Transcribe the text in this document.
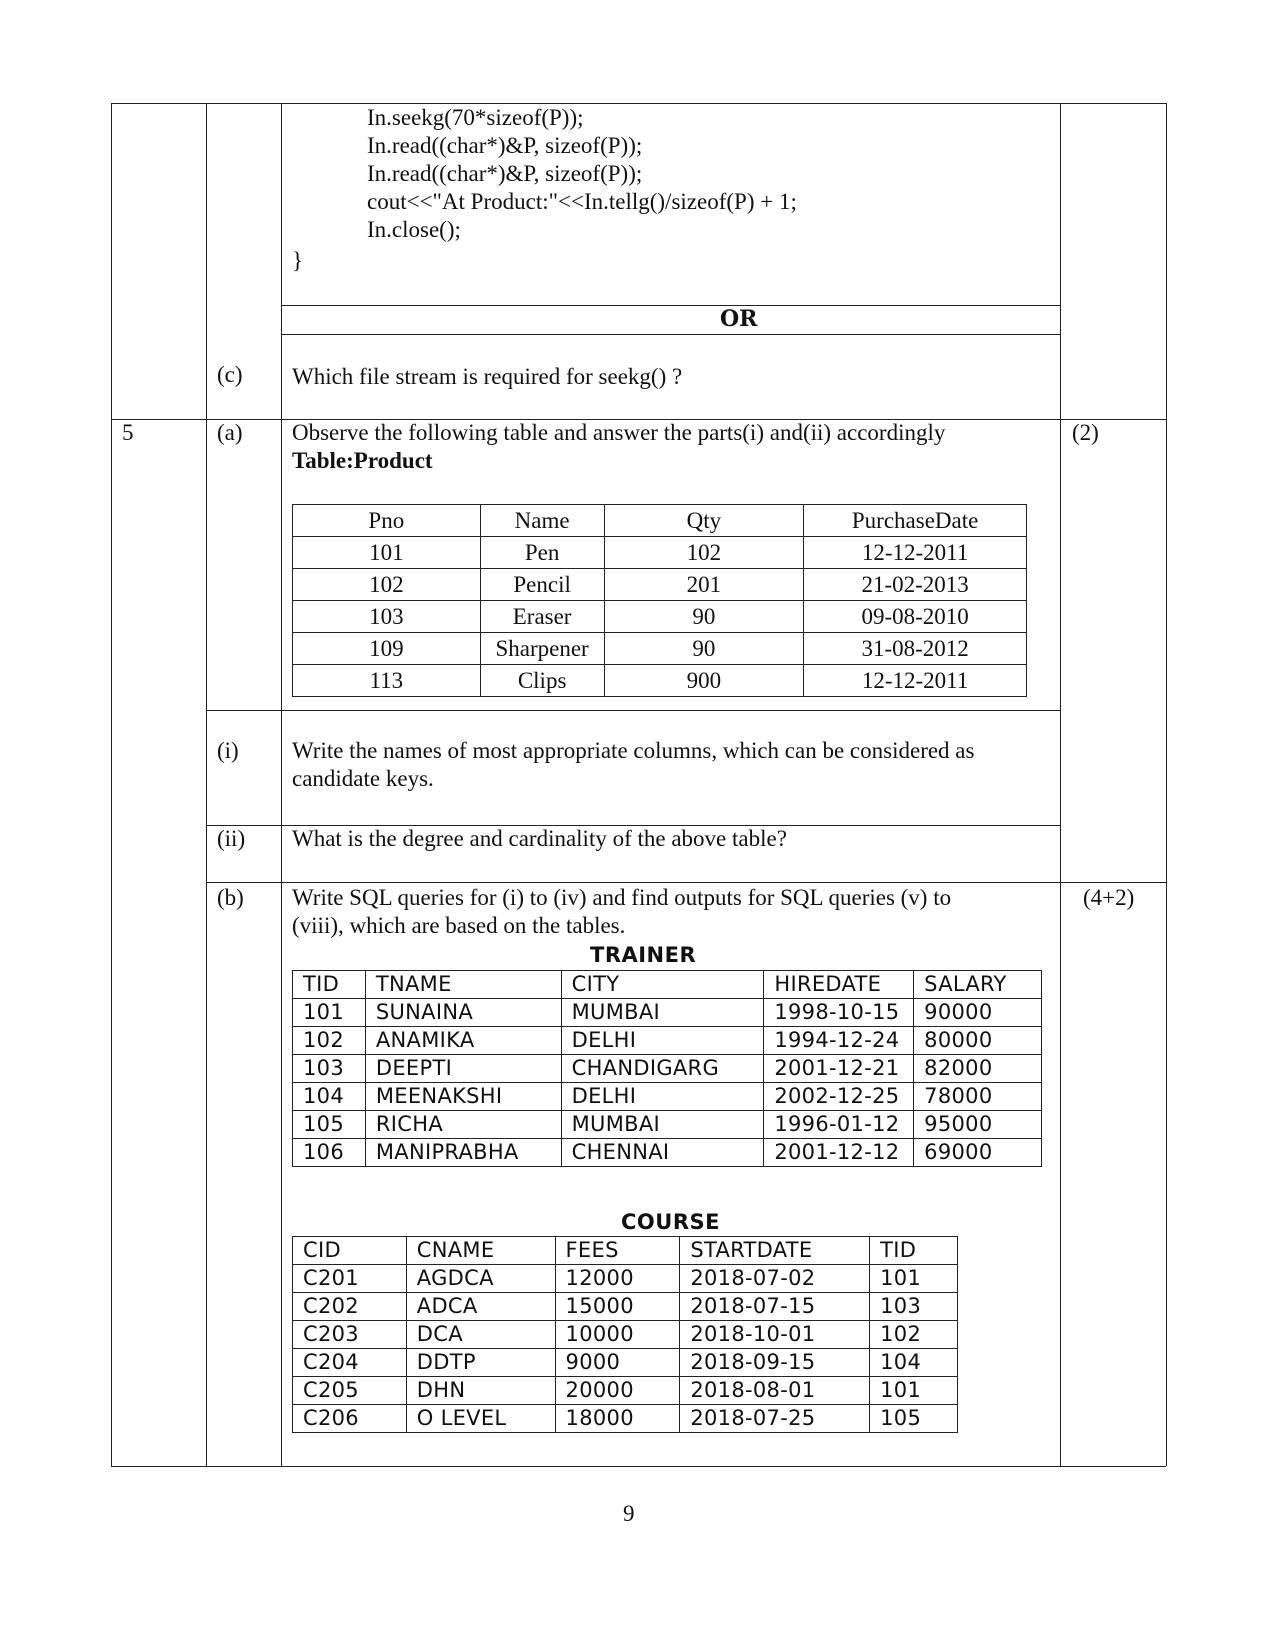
In.seekg(70*sizeof(P));
In.read((char*)&P, sizeof(P));
In.read((char*)&P, sizeof(P));
cout<<"At Product:"<<In.tellg()/sizeof(P) + 1;
In.close();
}
OR
(c) Which file stream is required for seekg() ?
5	(a) Observe the following table and answer the parts(i) and(ii) accordingly
Table:Product
(2)
Pno	Name	Qty	PurchaseDate
101	Pen	102	12-12-2011
102	Pencil	201	21-02-2013
103	Eraser	90	09-08-2010
109	Sharpener	90	31-08-2012
113	Clips	900	12-12-2011
(i) Write the names of most appropriate columns, which can be considered as
candidate keys.
(ii) What is the degree and cardinality of the above table?
(b) Write SQL queries for (i) to (iv) and find outputs for SQL queries (v) to
(viii), which are based on the tables.
(4+2)
TRAINER
TID	TNAME	CITY	HIREDATE	SALARY
101	SUNAINA	MUMBAI	1998-10-15	90000
102	ANAMIKA	DELHI	1994-12-24	80000
103	DEEPTI	CHANDIGARG	2001-12-21	82000
104	MEENAKSHI	DELHI	2002-12-25	78000
105	RICHA	MUMBAI	1996-01-12	95000
106	MANIPRABHA	CHENNAI	2001-12-12	69000
COURSE
CID	CNAME	FEES	STARTDATE	TID
C201	AGDCA	12000	2018-07-02	101
C202	ADCA	15000	2018-07-15	103
C203	DCA	10000	2018-10-01	102
C204	DDTP	9000	2018-09-15	104
C205	DHN	20000	2018-08-01	101
C206	O LEVEL	18000	2018-07-25	105
9
